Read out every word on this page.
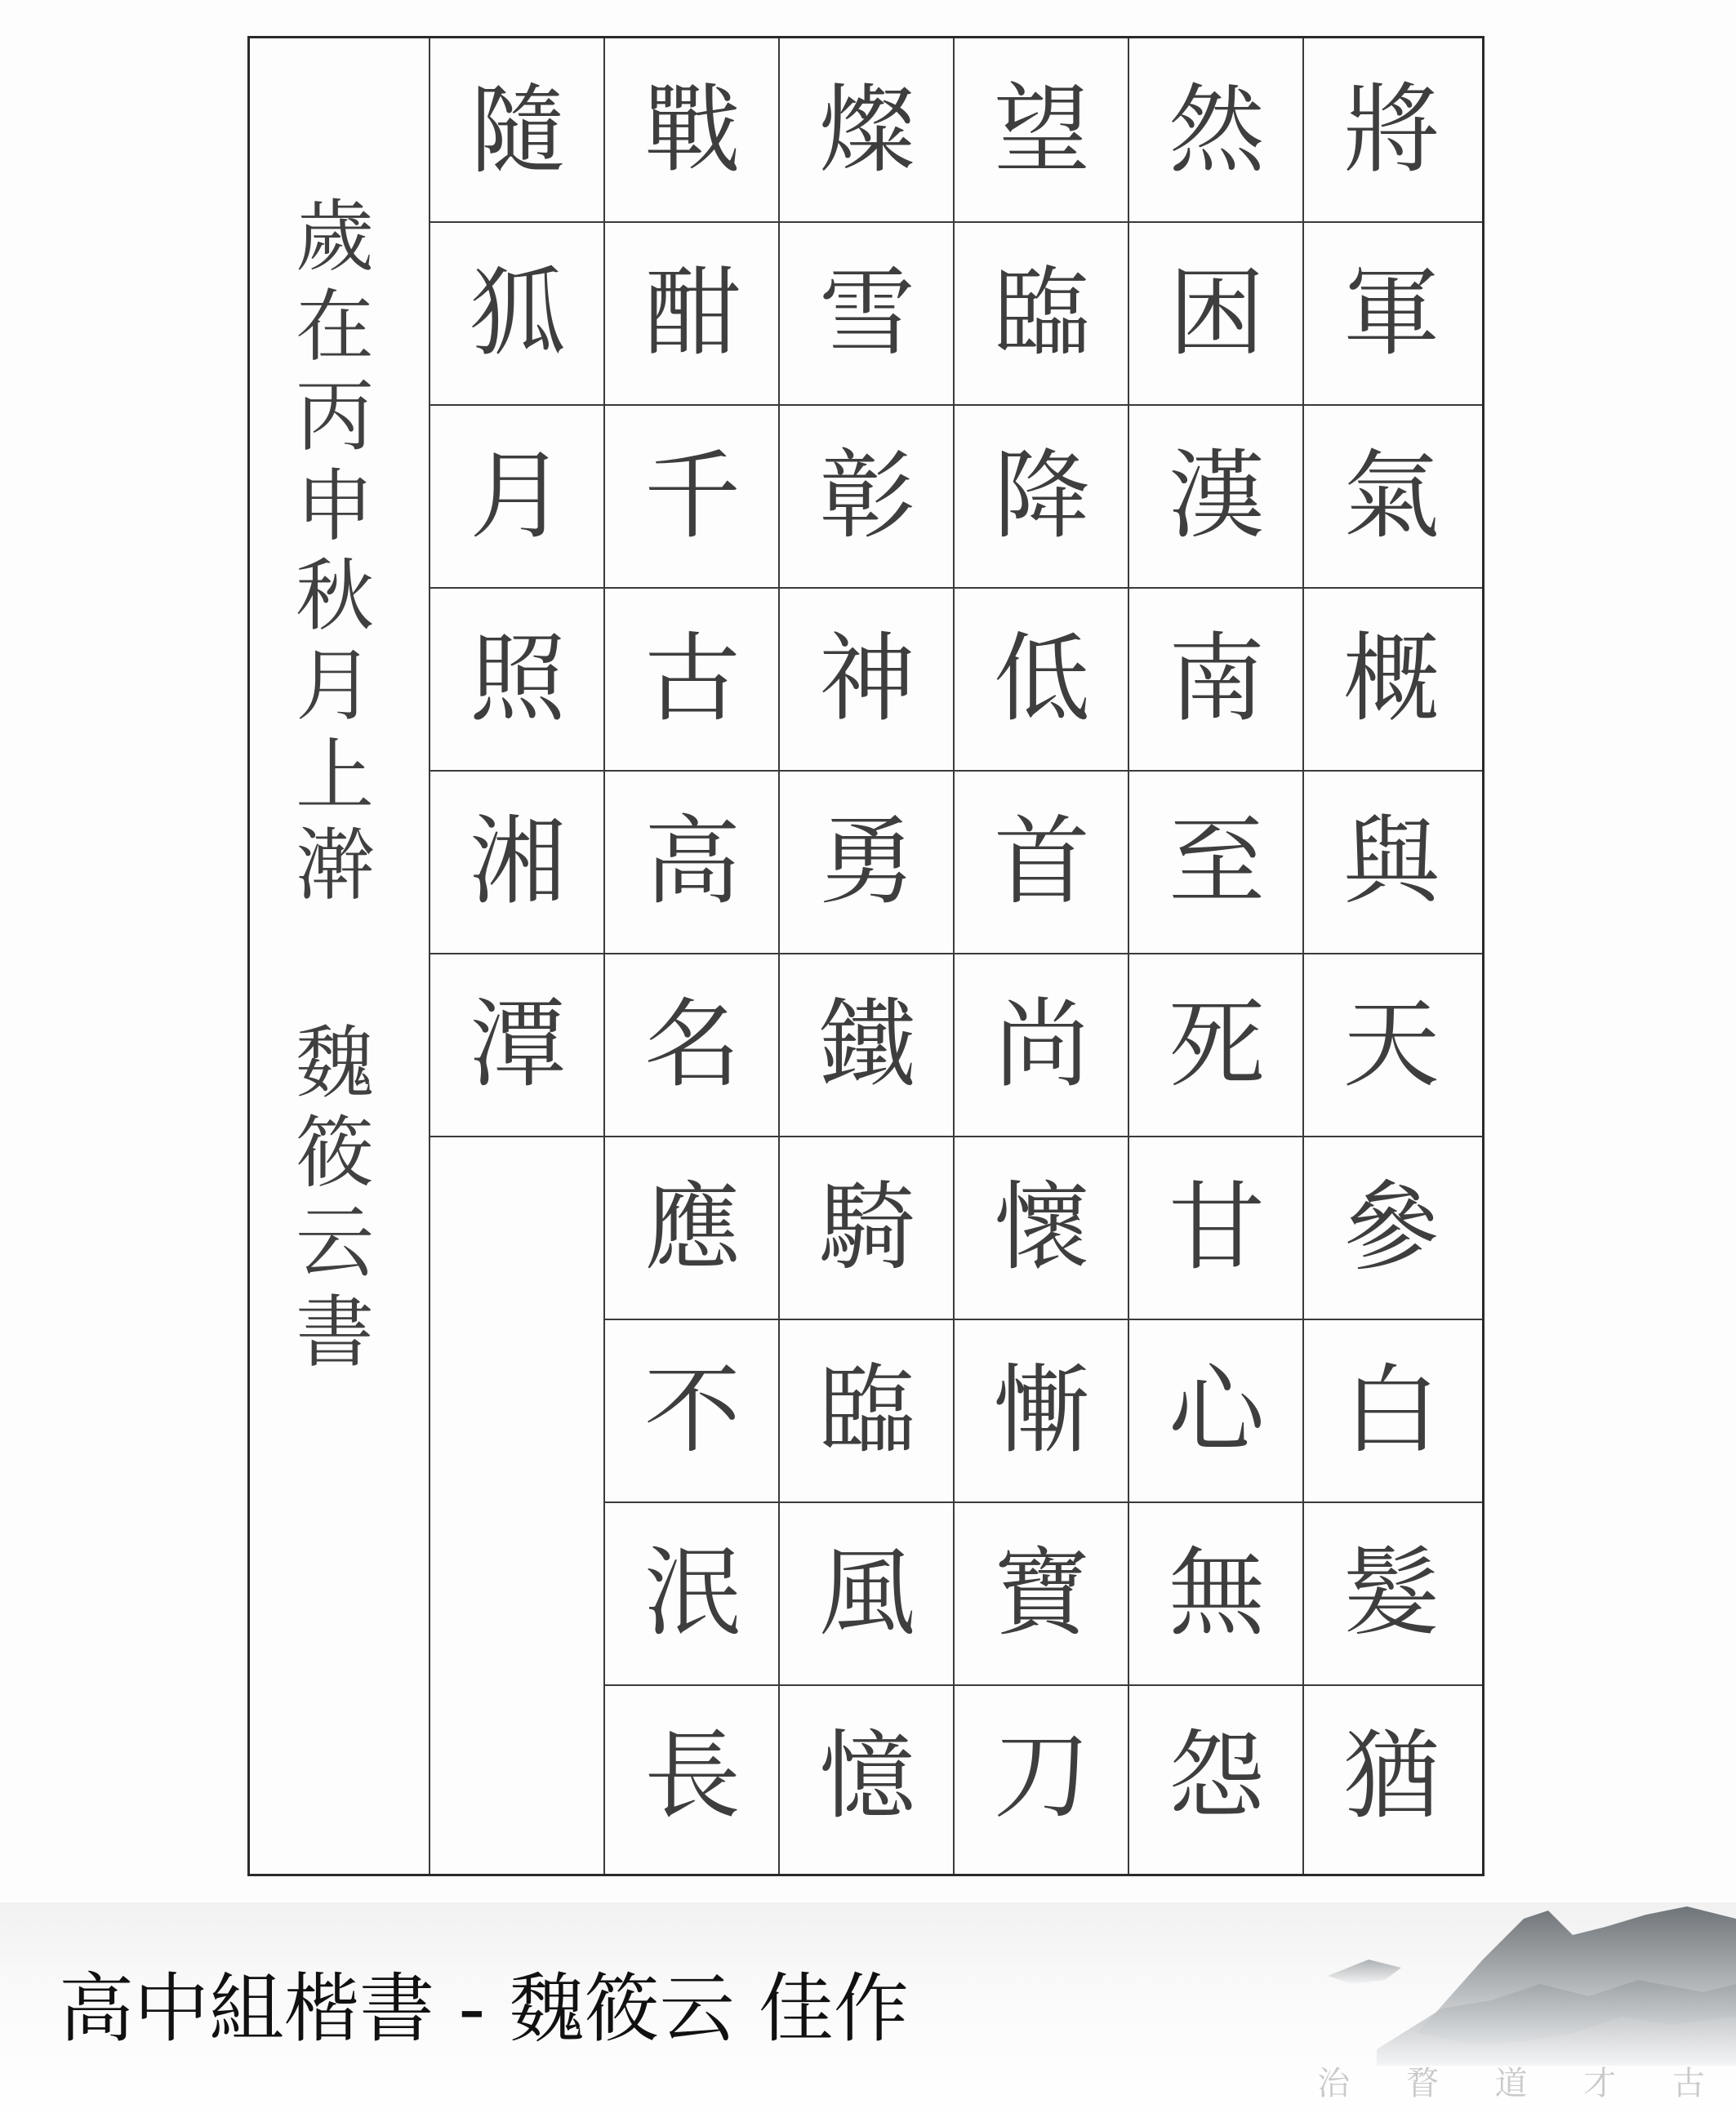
將
軍
氣
概
與
天
參
白
髮
猶
然
困
漢
南
至
死
甘
心
無
怨
望
臨
降
低
首
尚
懷
慚
寶
刀
燦
雪
彰
神
勇
鐵
騎
臨
風
憶
戰
酣
千
古
高
名
應
不
泯
長
隨
狐
月
照
湘
潭
歲
在
丙
申
秋
月
上
澣
魏
筱
云
書
高中組楷書 - 魏筱云 佳作
治 瞀 道 才 古
